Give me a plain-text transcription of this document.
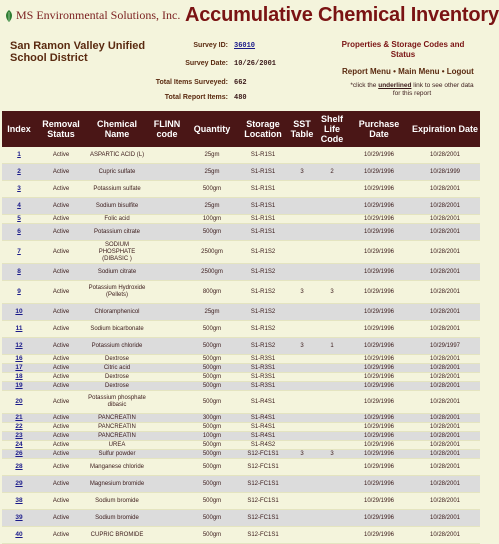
MS Environmental Solutions, Inc. Accumulative Chemical Inventory
San Ramon Valley Unified School District
Survey ID: 36010
Survey Date: 10/26/2001
Total Items Surveyed: 662
Total Report Items: 480
Properties & Storage Codes and Status
Report Menu • Main Menu • Logout
*click the underlined link to see other data for this report
Index	Removal Status	Chemical Name	FLINN code	Quantity	Storage Location	SST Table	Shelf Life Code	Purchase Date	Expiration Date
1	Active	ASPARTIC ACID (L)		25gm	S1-R1S1			10/29/1996	10/28/2001
2	Active	Cupric sulfate		25gm	S1-R1S1	3	2	10/29/1996	10/28/1999
3	Active	Potassium sulfate		500gm	S1-R1S1			10/29/1996	10/28/2001
4	Active	Sodium bisulfite		25gm	S1-R1S1			10/29/1996	10/28/2001
5	Active	Folic acid		100gm	S1-R1S1			10/29/1996	10/28/2001
6	Active	Potassium citrate		500gm	S1-R1S1			10/29/1996	10/28/2001
7	Active	SODIUM PHOSPHATE (DIBASIC )		2500gm	S1-R1S2			10/29/1996	10/28/2001
8	Active	Sodium citrate		2500gm	S1-R1S2			10/29/1996	10/28/2001
9	Active	Potassium Hydroxide (Pellets)		800gm	S1-R1S2	3	3	10/29/1996	10/28/2001
10	Active	Chloramphenicol		25gm	S1-R1S2			10/29/1996	10/28/2001
11	Active	Sodium bicarbonate		500gm	S1-R1S2			10/29/1996	10/28/2001
12	Active	Potassium chloride		500gm	S1-R1S2	3	1	10/29/1996	10/29/1997
16	Active	Dextrose		500gm	S1-R3S1			10/29/1996	10/28/2001
17	Active	Citric acid		500gm	S1-R3S1			10/29/1996	10/28/2001
18	Active	Dextrose		500gm	S1-R3S1			10/29/1996	10/28/2001
19	Active	Dextrose		500gm	S1-R3S1			10/29/1996	10/28/2001
20	Active	Potassium phosphate dibasic		500gm	S1-R4S1			10/29/1996	10/28/2001
21	Active	PANCREATIN		300gm	S1-R4S1			10/29/1996	10/28/2001
22	Active	PANCREATIN		500gm	S1-R4S1			10/29/1996	10/28/2001
23	Active	PANCREATIN		100gm	S1-R4S1			10/29/1996	10/28/2001
24	Active	UREA		500gm	S1-R4S2			10/29/1996	10/28/2001
26	Active	Sulfur powder		500gm	S12-FC1S1	3	3	10/29/1996	10/28/2001
28	Active	Manganese chloride		500gm	S12-FC1S1			10/29/1996	10/28/2001
29	Active	Magnesium bromide		500gm	S12-FC1S1			10/29/1996	10/28/2001
38	Active	Sodium bromide		500gm	S12-FC1S1			10/29/1996	10/28/2001
39	Active	Sodium bromide		500gm	S12-FC1S1			10/29/1996	10/28/2001
40	Active	CUPRIC BROMIDE		500gm	S12-FC1S1			10/29/1996	10/28/2001
